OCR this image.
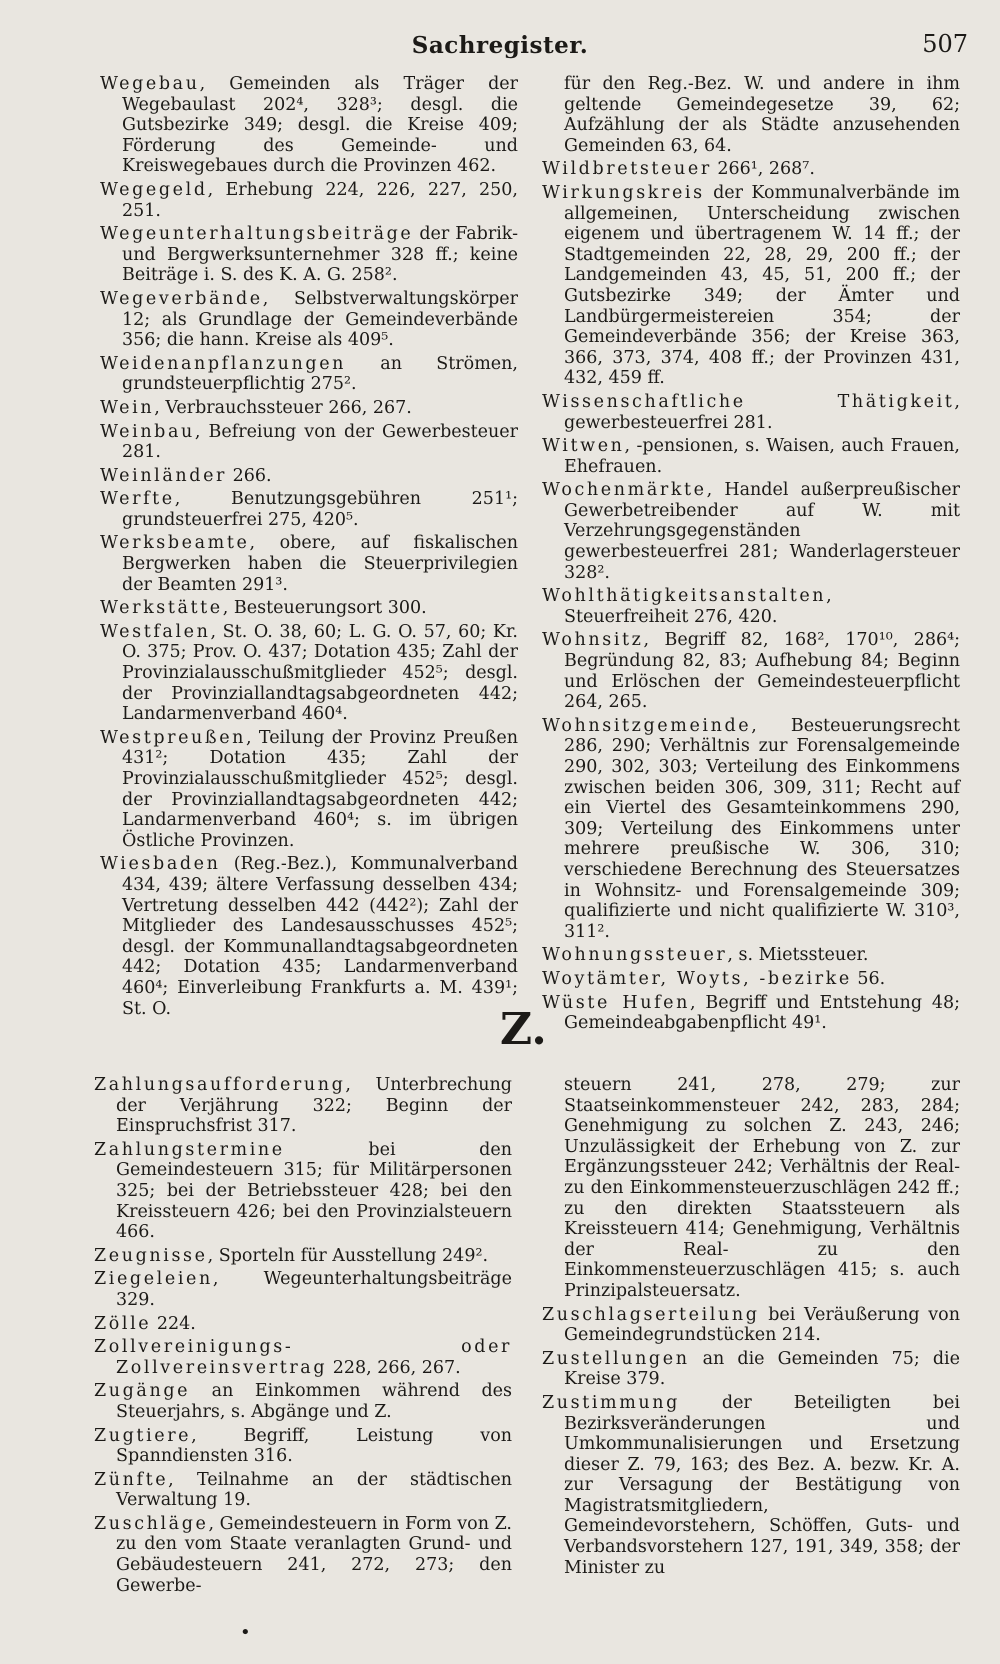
Sachregister.	507

Wegebau, Gemeinden als Träger der Wegebaulast 202⁴, 328³; desgl. die Gutsbezirke 349; desgl. die Kreise 409; Förderung des Gemeinde- und Kreiswegebaues durch die Provinzen 462.

Wegegeld, Erhebung 224, 226, 227, 250, 251.

Wegeunterhaltungsbeiträge der Fabrik- und Bergwerksunternehmer 328 ff.; keine Beiträge i. S. des K. A. G. 258².

Wegeverbände, Selbstverwaltungskörper 12; als Grundlage der Gemeindeverbände 356; die hann. Kreise als 409⁵.

Weidenanpflanzungen an Strömen, grundsteuerpflichtig 275².

Wein, Verbrauchssteuer 266, 267.

Weinbau, Befreiung von der Gewerbesteuer 281.

Weinländer 266.

Werfte, Benutzungsgebühren 251¹; grundsteuerfrei 275, 420⁵.

Werksbeamte, obere, auf fiskalischen Bergwerken haben die Steuerprivilegien der Beamten 291³.

Werkstätte, Besteuerungsort 300.

Westfalen, St. O. 38, 60; L. G. O. 57, 60; Kr. O. 375; Prov. O. 437; Dotation 435; Zahl der Provinzialausschußmitglieder 452⁵; desgl. der Provinziallandtagsabgeordneten 442; Landarmenverband 460⁴.

Westpreußen, Teilung der Provinz Preußen 431²; Dotation 435; Zahl der Provinzialausschußmitglieder 452⁵; desgl. der Provinziallandtagsabgeordneten 442; Landarmenverband 460⁴; s. im übrigen Östliche Provinzen.

Wiesbaden (Reg.-Bez.), Kommunalverband 434, 439; ältere Verfassung desselben 434; Vertretung desselben 442 (442²); Zahl der Mitglieder des Landesausschusses 452⁵; desgl. der Kommunallandtagsabgeordneten 442; Dotation 435; Landarmenverband 460⁴; Einverleibung Frankfurts a. M. 439¹; St. O.

für den Reg.-Bez. W. und andere in ihm geltende Gemeindegesetze 39, 62; Aufzählung der als Städte anzusehenden Gemeinden 63, 64.

Wildbretsteuer 266¹, 268⁷.

Wirkungskreis der Kommunalverbände im allgemeinen, Unterscheidung zwischen eigenem und übertragenem W. 14 ff.; der Stadtgemeinden 22, 28, 29, 200 ff.; der Landgemeinden 43, 45, 51, 200 ff.; der Gutsbezirke 349; der Ämter und Landbürgermeistereien 354; der Gemeindeverbände 356; der Kreise 363, 366, 373, 374, 408 ff.; der Provinzen 431, 432, 459 ff.

Wissenschaftliche Thätigkeit, gewerbesteuerfrei 281.

Witwen, -pensionen, s. Waisen, auch Frauen, Ehefrauen.

Wochenmärkte, Handel außerpreußischer Gewerbetreibender auf W. mit Verzehrungsgegenständen gewerbesteuerfrei 281; Wanderlagersteuer 328².

Wohlthätigkeitsanstalten, Steuerfreiheit 276, 420.

Wohnsitz, Begriff 82, 168², 170¹⁰, 286⁴; Begründung 82, 83; Aufhebung 84; Beginn und Erlöschen der Gemeindesteuerpflicht 264, 265.

Wohnsitzgemeinde, Besteuerungsrecht 286, 290; Verhältnis zur Forensalgemeinde 290, 302, 303; Verteilung des Einkommens zwischen beiden 306, 309, 311; Recht auf ein Viertel des Gesamteinkommens 290, 309; Verteilung des Einkommens unter mehrere preußische W. 306, 310; verschiedene Berechnung des Steuersatzes in Wohnsitz- und Forensalgemeinde 309; qualifizierte und nicht qualifizierte W. 310³, 311².

Wohnungssteuer, s. Mietssteuer.

Woytämter, Woyts, -bezirke 56.

Wüste Hufen, Begriff und Entstehung 48; Gemeindeabgabenpflicht 49¹.

Z.

Zahlungsaufforderung, Unterbrechung der Verjährung 322; Beginn der Einspruchsfrist 317.

Zahlungstermine bei den Gemeindesteuern 315; für Militärpersonen 325; bei der Betriebssteuer 428; bei den Kreissteuern 426; bei den Provinzialsteuern 466.

Zeugnisse, Sporteln für Ausstellung 249².

Ziegeleien, Wegeunterhaltungsbeiträge 329.

Zölle 224.

Zollvereinigungs- oder Zollvereinsvertrag 228, 266, 267.

Zugänge an Einkommen während des Steuerjahrs, s. Abgänge und Z.

Zugtiere, Begriff, Leistung von Spanndiensten 316.

Zünfte, Teilnahme an der städtischen Verwaltung 19.

Zuschläge, Gemeindesteuern in Form von Z. zu den vom Staate veranlagten Grund- und Gebäudesteuern 241, 272, 273; den Gewerbe-

steuern 241, 278, 279; zur Staatseinkommensteuer 242, 283, 284; Genehmigung zu solchen Z. 243, 246; Unzulässigkeit der Erhebung von Z. zur Ergänzungssteuer 242; Verhältnis der Real- zu den Einkommensteuerzuschlägen 242 ff.; zu den direkten Staatssteuern als Kreissteuern 414; Genehmigung, Verhältnis der Real- zu den Einkommensteuerzuschlägen 415; s. auch Prinzipalsteuersatz.

Zuschlagserteilung bei Veräußerung von Gemeindegrundstücken 214.

Zustellungen an die Gemeinden 75; die Kreise 379.

Zustimmung der Beteiligten bei Bezirksveränderungen und Umkommunalisierungen und Ersetzung dieser Z. 79, 163; des Bez. A. bezw. Kr. A. zur Versagung der Bestätigung von Magistratsmitgliedern, Gemeindevorstehern, Schöffen, Guts- und Verbandsvorstehern 127, 191, 349, 358; der Minister zu

•
